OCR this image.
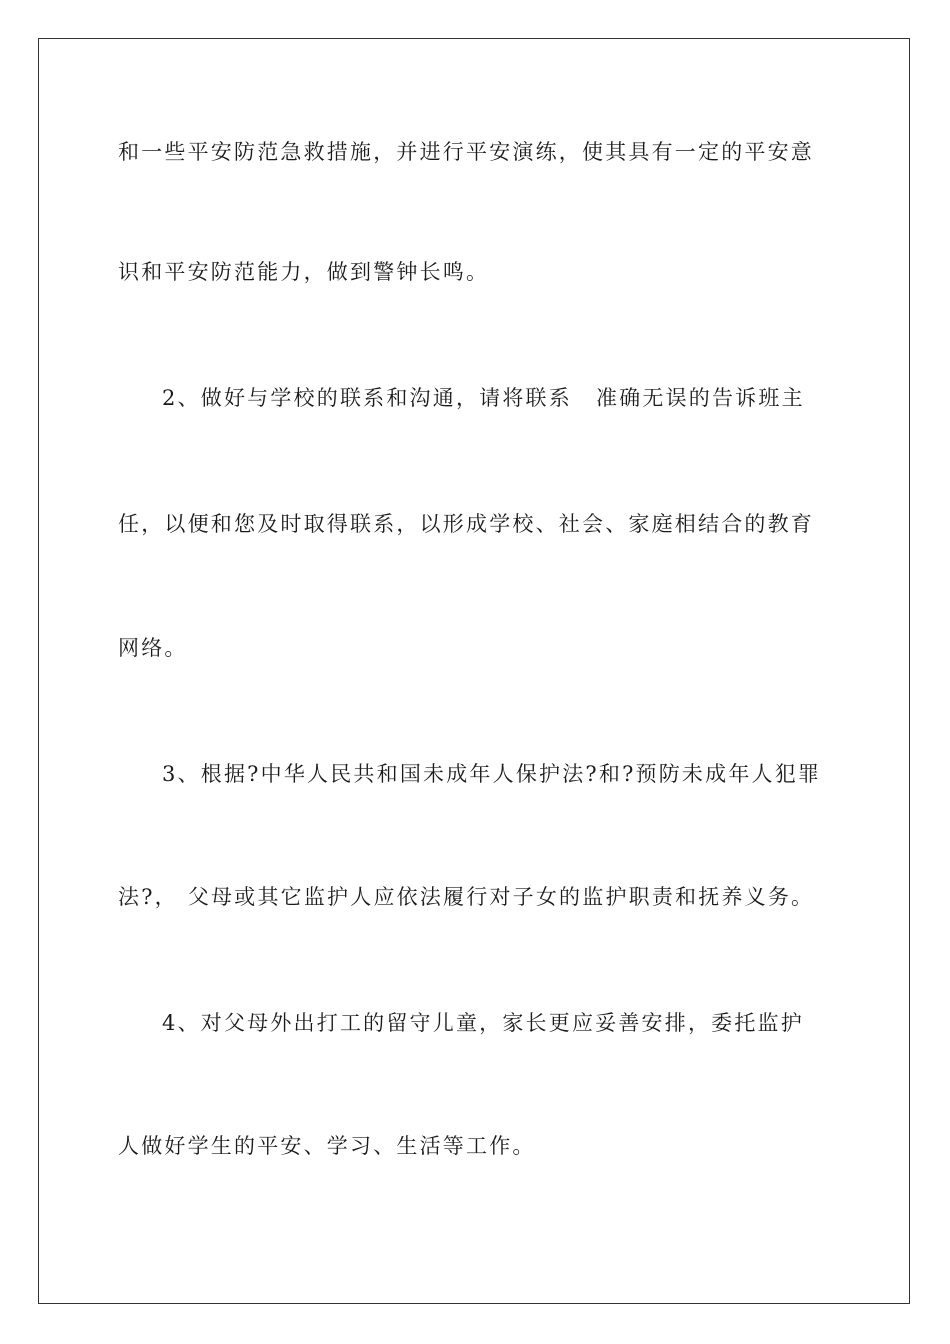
和一些平安防范急救措施，并进行平安演练，使其具有一定的平安意
识和平安防范能力，做到警钟长鸣。
2、做好与学校的联系和沟通，请将联系 准确无误的告诉班主
任，以便和您及时取得联系，以形成学校、社会、家庭相结合的教育
网络。
3、根据?中华人民共和国未成年人保护法?和?预防未成年人犯罪
法?， 父母或其它监护人应依法履行对子女的监护职责和抚养义务。
4、对父母外出打工的留守儿童，家长更应妥善安排，委托监护
人做好学生的平安、学习、生活等工作。
